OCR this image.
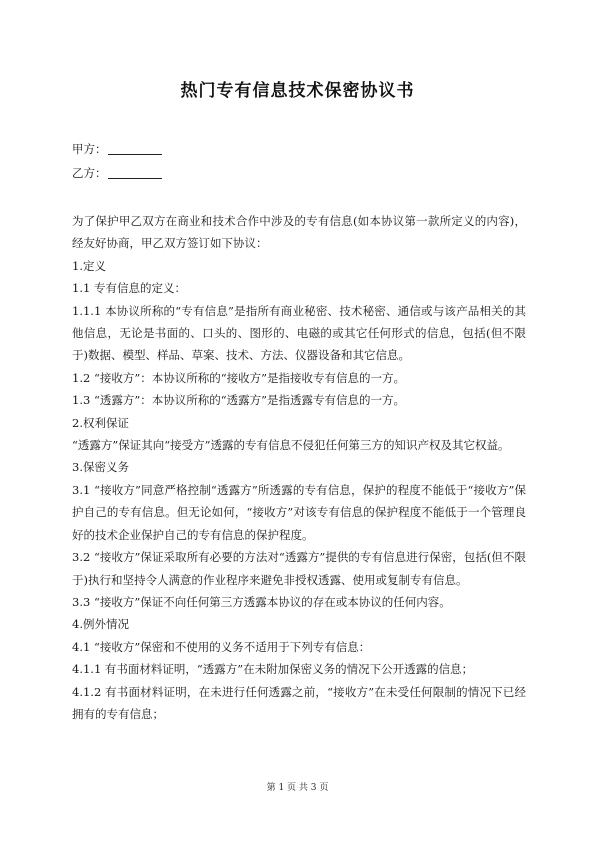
热门专有信息技术保密协议书
甲方：
乙方：

为了保护甲乙双方在商业和技术合作中涉及的专有信息(如本协议第一款所定义的内容)，经友好协商，甲乙双方签订如下协议：

1.定义

1.1 专有信息的定义：

1.1.1 本协议所称的“专有信息”是指所有商业秘密、技术秘密、通信或与该产品相关的其他信息，无论是书面的、口头的、图形的、电磁的或其它任何形式的信息，包括(但不限于)数据、模型、样品、草案、技术、方法、仪器设备和其它信息。

1.2 “接收方”：本协议所称的“接收方”是指接收专有信息的一方。

1.3 “透露方”：本协议所称的“透露方”是指透露专有信息的一方。

2.权利保证

“透露方”保证其向“接受方”透露的专有信息不侵犯任何第三方的知识产权及其它权益。

3.保密义务

3.1 “接收方”同意严格控制“透露方”所透露的专有信息，保护的程度不能低于“接收方”保护自己的专有信息。但无论如何，“接收方”对该专有信息的保护程度不能低于一个管理良好的技术企业保护自己的专有信息的保护程度。

3.2 “接收方”保证采取所有必要的方法对“透露方”提供的专有信息进行保密，包括(但不限于)执行和坚持令人满意的作业程序来避免非授权透露、使用或复制专有信息。

3.3 “接收方”保证不向任何第三方透露本协议的存在或本协议的任何内容。

4.例外情况

4.1 “接收方”保密和不使用的义务不适用于下列专有信息：

4.1.1 有书面材料证明，“透露方”在未附加保密义务的情况下公开透露的信息；

4.1.2 有书面材料证明，在未进行任何透露之前，“接收方”在未受任何限制的情况下已经拥有的专有信息；

第 1 页 共 3 页
